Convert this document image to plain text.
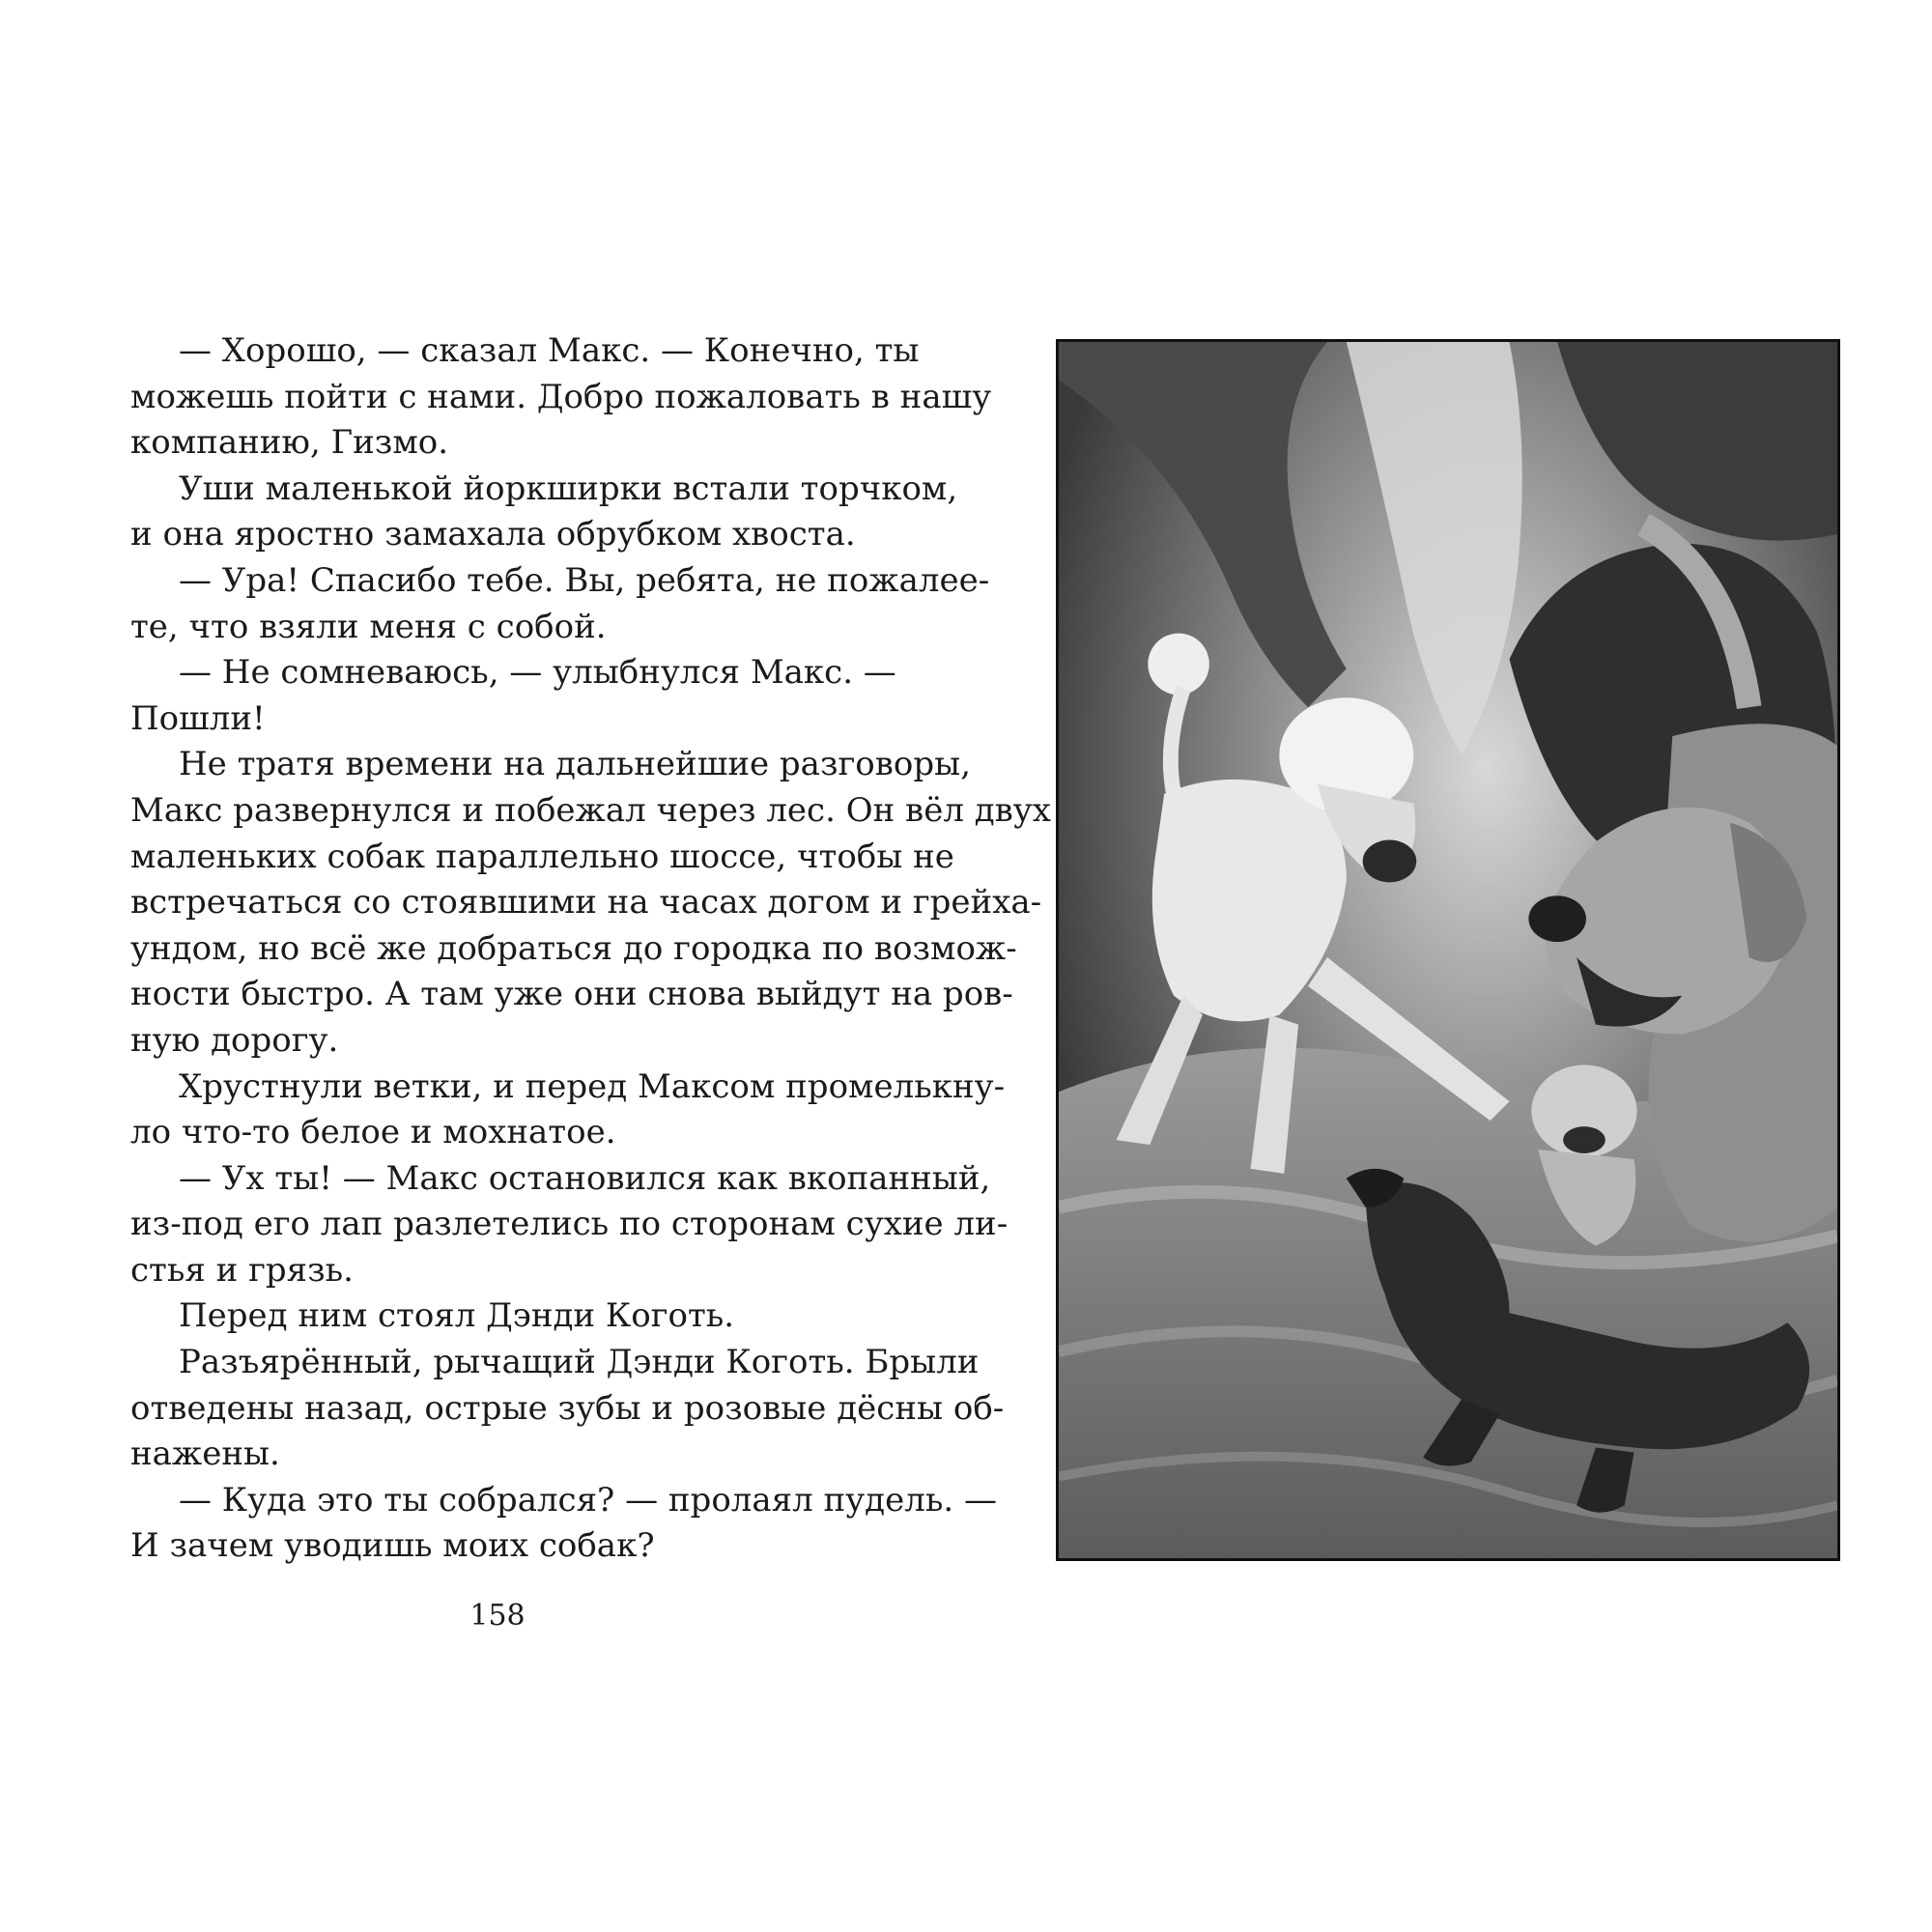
— Хорошо, — сказал Макс. — Конечно, ты
можешь пойти с нами. Добро пожаловать в нашу
компанию, Гизмо.
Уши маленькой йоркширки встали торчком,
и она яростно замахала обрубком хвоста.
— Ура! Спасибо тебе. Вы, ребята, не пожалее-
те, что взяли меня с собой.
— Не сомневаюсь, — улыбнулся Макс. —
Пошли!
Не тратя времени на дальнейшие разговоры,
Макс развернулся и побежал через лес. Он вёл двух
маленьких собак параллельно шоссе, чтобы не
встречаться со стоявшими на часах догом и грейха-
ундом, но всё же добраться до городка по возмож-
ности быстро. А там уже они снова выйдут на ров-
ную дорогу.
Хрустнули ветки, и перед Максом промелькну-
ло что-то белое и мохнатое.
— Ух ты! — Макс остановился как вкопанный,
из-под его лап разлетелись по сторонам сухие ли-
стья и грязь.
Перед ним стоял Дэнди Коготь.
Разъярённый, рычащий Дэнди Коготь. Брыли
отведены назад, острые зубы и розовые дёсны об-
нажены.
— Куда это ты собрался? — пролаял пудель. —
И зачем уводишь моих собак?
158
